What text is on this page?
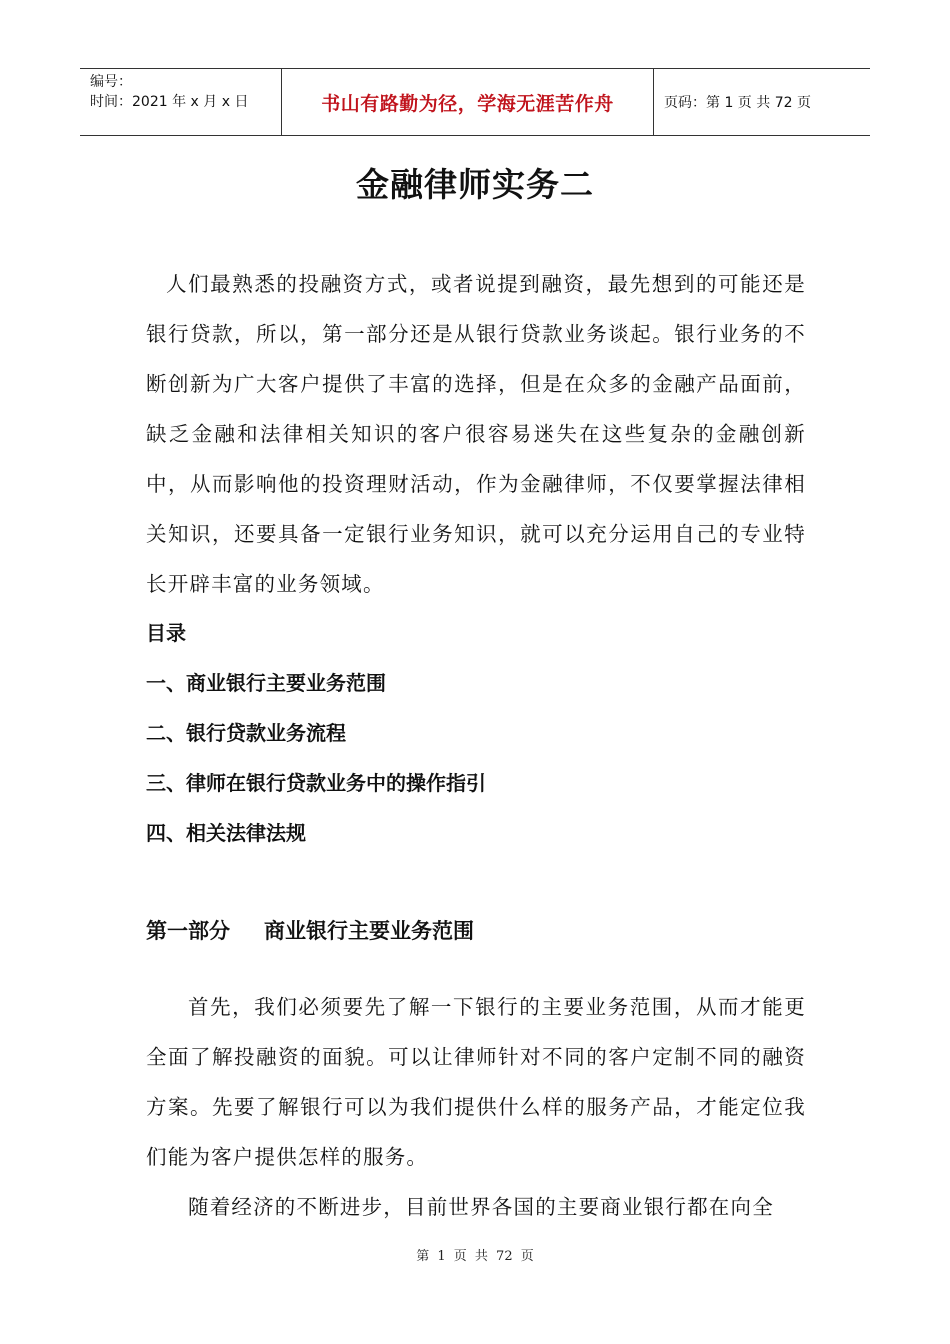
编号：
时间：2021 年 x 月 x 日	书山有路勤为径，学海无涯苦作舟	页码：第 1 页 共 72 页
金融律师实务二
人们最熟悉的投融资方式，或者说提到融资，最先想到的可能还是银行贷款，所以，第一部分还是从银行贷款业务谈起。银行业务的不断创新为广大客户提供了丰富的选择，但是在众多的金融产品面前，缺乏金融和法律相关知识的客户很容易迷失在这些复杂的金融创新中，从而影响他的投资理财活动，作为金融律师，不仅要掌握法律相关知识，还要具备一定银行业务知识，就可以充分运用自己的专业特长开辟丰富的业务领域。
目录
一、商业银行主要业务范围
二、银行贷款业务流程
三、律师在银行贷款业务中的操作指引
四、相关法律法规
第一部分 商业银行主要业务范围
首先，我们必须要先了解一下银行的主要业务范围，从而才能更全面了解投融资的面貌。可以让律师针对不同的客户定制不同的融资方案。先要了解银行可以为我们提供什么样的服务产品，才能定位我们能为客户提供怎样的服务。
随着经济的不断进步，目前世界各国的主要商业银行都在向全
第 1 页 共 72 页
